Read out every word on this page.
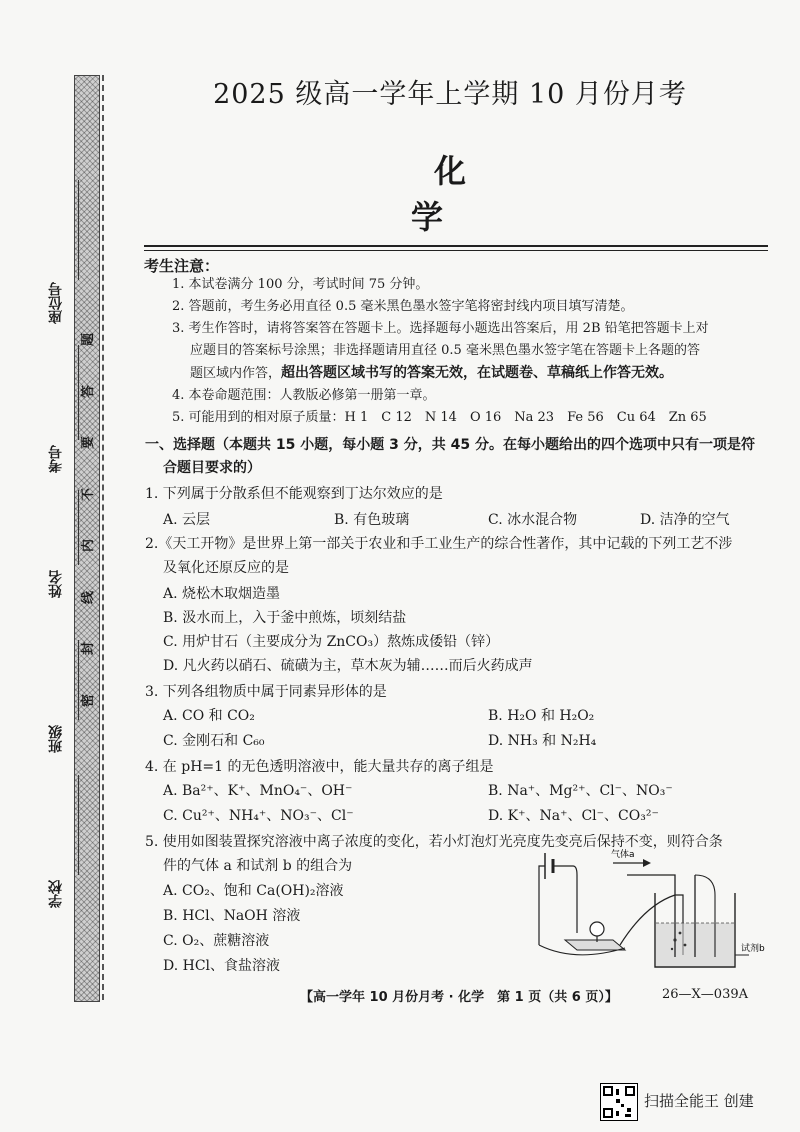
座位号
考号
姓名
班级
学校
题
答
要
不
内
线
封
密
2025 级高一学年上学期 10 月份月考
化学
考生注意：
1. 本试卷满分 100 分，考试时间 75 分钟。
2. 答题前，考生务必用直径 0.5 毫米黑色墨水签字笔将密封线内项目填写清楚。
3. 考生作答时，请将答案答在答题卡上。选择题每小题选出答案后，用 2B 铅笔把答题卡上对
应题目的答案标号涂黑；非选择题请用直径 0.5 毫米黑色墨水签字笔在答题卡上各题的答
题区域内作答，超出答题区域书写的答案无效，在试题卷、草稿纸上作答无效。
4. 本卷命题范围：人教版必修第一册第一章。
5. 可能用到的相对原子质量：H 1　C 12　N 14　O 16　Na 23　Fe 56　Cu 64　Zn 65
一、选择题（本题共 15 小题，每小题 3 分，共 45 分。在每小题给出的四个选项中只有一项是符
合题目要求的）
1. 下列属于分散系但不能观察到丁达尔效应的是
A. 云层	B. 有色玻璃	C. 冰水混合物	D. 洁净的空气
2.《天工开物》是世界上第一部关于农业和手工业生产的综合性著作，其中记载的下列工艺不涉
及氧化还原反应的是
A. 烧松木取烟造墨
B. 汲水而上，入于釜中煎炼，顷刻结盐
C. 用炉甘石（主要成分为 ZnCO₃）熬炼成倭铅（锌）
D. 凡火药以硝石、硫磺为主，草木灰为辅……而后火药成声
3. 下列各组物质中属于同素异形体的是
A. CO 和 CO₂	B. H₂O 和 H₂O₂
C. 金刚石和 C₆₀	D. NH₃ 和 N₂H₄
4. 在 pH=1 的无色透明溶液中，能大量共存的离子组是
A. Ba²⁺、K⁺、MnO₄⁻、OH⁻	B. Na⁺、Mg²⁺、Cl⁻、NO₃⁻
C. Cu²⁺、NH₄⁺、NO₃⁻、Cl⁻	D. K⁺、Na⁺、Cl⁻、CO₃²⁻
5. 使用如图装置探究溶液中离子浓度的变化，若小灯泡灯光亮度先变亮后保持不变，则符合条
件的气体 a 和试剂 b 的组合为
A. CO₂、饱和 Ca(OH)₂溶液
B. HCl、NaOH 溶液
C. O₂、蔗糖溶液
D. HCl、食盐溶液
气体a
试剂b
【高一学年 10 月份月考 · 化学　第 1 页（共 6 页）】	26—X—039A
扫描全能王 创建
